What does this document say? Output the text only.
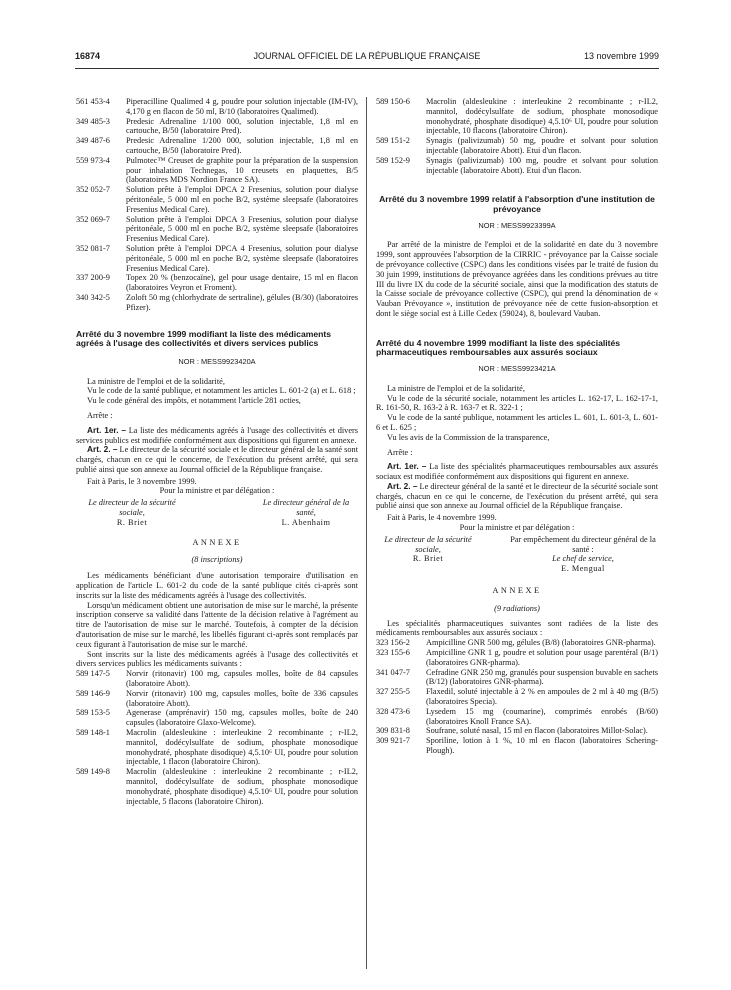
16874	JOURNAL OFFICIEL DE LA RÉPUBLIQUE FRANÇAISE	13 novembre 1999
561 453-4	Piperacilline Qualimed 4 g, poudre pour solution injectable (IM-IV), 4,170 g en flacon de 50 ml, B/10 (laboratoires Qualimed).
349 485-3	Predesic Adrenaline 1/100 000, solution injectable, 1,8 ml en cartouche, B/50 (laboratoire Pred).
349 487-6	Predesic Adrenaline 1/200 000, solution injectable, 1,8 ml en cartouche, B/50 (laboratoire Pred).
559 973-4	Pulmotec™ Creuset de graphite pour la préparation de la suspension pour inhalation Technegas, 10 creusets en plaquettes, B/5 (laboratoires MDS Nordion France SA).
352 052-7	Solution prête à l'emploi DPCA 2 Fresenius, solution pour dialyse péritonéale, 5 000 ml en poche B/2, système sleepsafe (laboratoires Fresenius Medical Care).
352 069-7	Solution prête à l'emploi DPCA 3 Fresenius, solution pour dialyse péritonéale, 5 000 ml en poche B/2, système sleepsafe (laboratoires Fresenius Medical Care).
352 081-7	Solution prête à l'emploi DPCA 4 Fresenius, solution pour dialyse péritonéale, 5 000 ml en poche B/2, système sleepsafe (laboratoires Fresenius Medical Care).
337 200-9	Topex 20 % (benzocaïne), gel pour usage dentaire, 15 ml en flacon (laboratoires Veyron et Froment).
340 342-5	Zoloft 50 mg (chlorhydrate de sertraline), gélules (B/30) (laboratoires Pfizer).

Arrêté du 3 novembre 1999 modifiant la liste des médicaments agréés à l'usage des collectivités et divers services publics

NOR : MESS9923420A

La ministre de l'emploi et de la solidarité,

Vu le code de la santé publique, et notamment les articles L. 601-2 (a) et L. 618 ;

Vu le code général des impôts, et notamment l'article 281 octies,

Arrête :

Art. 1er. – La liste des médicaments agréés à l'usage des collectivités et divers services publics est modifiée conformément aux dispositions qui figurent en annexe.

Art. 2. – Le directeur de la sécurité sociale et le directeur général de la santé sont chargés, chacun en ce qui le concerne, de l'exécution du présent arrêté, qui sera publié ainsi que son annexe au Journal officiel de la République française.

Fait à Paris, le 3 novembre 1999.

Pour la ministre et par délégation :

Le directeur de la sécurité sociale,
R. Briet
Le directeur général de la santé,
L. Abenhaim

ANNEXE

(8 inscriptions)

Les médicaments bénéficiant d'une autorisation temporaire d'utilisation en application de l'article L. 601-2 du code de la santé publique cités ci-après sont inscrits sur la liste des médicaments agréés à l'usage des collectivités.

Lorsqu'un médicament obtient une autorisation de mise sur le marché, la présente inscription conserve sa validité dans l'attente de la décision relative à l'agrément au titre de l'autorisation de mise sur le marché. Toutefois, à compter de la décision d'autorisation de mise sur le marché, les libellés figurant ci-après sont remplacés par ceux figurant à l'autorisation de mise sur le marché.

Sont inscrits sur la liste des médicaments agréés à l'usage des collectivités et divers services publics les médicaments suivants :

589 147-5	Norvir (ritonavir) 100 mg, capsules molles, boîte de 84 capsules (laboratoire Abott).
589 146-9	Norvir (ritonavir) 100 mg, capsules molles, boîte de 336 capsules (laboratoire Abott).
589 153-5	Agenerase (amprénavir) 150 mg, capsules molles, boîte de 240 capsules (laboratoire Glaxo-Welcome).
589 148-1	Macrolin (aldesleukine : interleukine 2 recombinante ; r-IL2, mannitol, dodécylsulfate de sodium, phosphate monosodique monohydraté, phosphate disodique) 4,5.10⁶ UI, poudre pour solution injectable, 1 flacon (laboratoire Chiron).
589 149-8	Macrolin (aldesleukine : interleukine 2 recombinante ; r-IL2, mannitol, dodécylsulfate de sodium, phosphate monosodique monohydraté, phosphate disodique) 4,5.10⁶ UI, poudre pour solution injectable, 5 flacons (laboratoire Chiron).
589 150-6	Macrolin (aldesleukine : interleukine 2 recombinante ; r-IL2, mannitol, dodécylsulfate de sodium, phosphate monosodique monohydraté, phosphate disodique) 4,5.10⁶ UI, poudre pour solution injectable, 10 flacons (laboratoire Chiron).
589 151-2	Synagis (palivizumab) 50 mg, poudre et solvant pour solution injectable (laboratoire Abott). Etui d'un flacon.
589 152-9	Synagis (palivizumab) 100 mg, poudre et solvant pour solution injectable (laboratoire Abott). Etui d'un flacon.

Arrêté du 3 novembre 1999 relatif à l'absorption d'une institution de prévoyance

NOR : MESS9923399A

Par arrêté de la ministre de l'emploi et de la solidarité en date du 3 novembre 1999, sont approuvées l'absorption de la CIRRIC - prévoyance par la Caisse sociale de prévoyance collective (CSPC) dans les conditions visées par le traité de fusion du 30 juin 1999, institutions de prévoyance agréées dans les conditions prévues au titre III du livre IX du code de la sécurité sociale, ainsi que la modification des statuts de la Caisse sociale de prévoyance collective (CSPC), qui prend la dénomination de « Vauban Prévoyance », institution de prévoyance née de cette fusion-absorption et dont le siège social est à Lille Cedex (59024), 8, boulevard Vauban.

Arrêté du 4 novembre 1999 modifiant la liste des spécialités pharmaceutiques remboursables aux assurés sociaux

NOR : MESS9923421A

La ministre de l'emploi et de la solidarité,

Vu le code de la sécurité sociale, notamment les articles L. 162-17, L. 162-17-1, R. 161-50, R. 163-2 à R. 163-7 et R. 322-1 ;

Vu le code de la santé publique, notamment les articles L. 601, L. 601-3, L. 601-6 et L. 625 ;

Vu les avis de la Commission de la transparence,

Arrête :

Art. 1er. – La liste des spécialités pharmaceutiques remboursables aux assurés sociaux est modifiée conformément aux dispositions qui figurent en annexe.

Art. 2. – Le directeur général de la santé et le directeur de la sécurité sociale sont chargés, chacun en ce qui le concerne, de l'exécution du présent arrêté, qui sera publié ainsi que son annexe au Journal officiel de la République française.

Fait à Paris, le 4 novembre 1999.

Pour la ministre et par délégation :

Le directeur de la sécurité sociale,
R. Briet
Par empêchement du directeur général de la santé :
Le chef de service,
E. Mengual

ANNEXE

(9 radiations)

Les spécialités pharmaceutiques suivantes sont radiées de la liste des médicaments remboursables aux assurés sociaux :

323 156-2	Ampicilline GNR 500 mg, gélules (B/8) (laboratoires GNR-pharma).
323 155-6	Ampicilline GNR 1 g, poudre et solution pour usage parentéral (B/1) (laboratoires GNR-pharma).
341 047-7	Cefradine GNR 250 mg, granulés pour suspension buvable en sachets (B/12) (laboratoires GNR-pharma).
327 255-5	Flaxedil, soluté injectable à 2 % en ampoules de 2 ml à 40 mg (B/5) (laboratoires Specia).
328 473-6	Lysedem 15 mg (coumarine), comprimés enrobés (B/60) (laboratoires Knoll France SA).
309 831-8	Soufrane, soluté nasal, 15 ml en flacon (laboratoires Millot-Solac).
309 921-7	Sporiline, lotion à 1 %, 10 ml en flacon (laboratoires Schering-Plough).
